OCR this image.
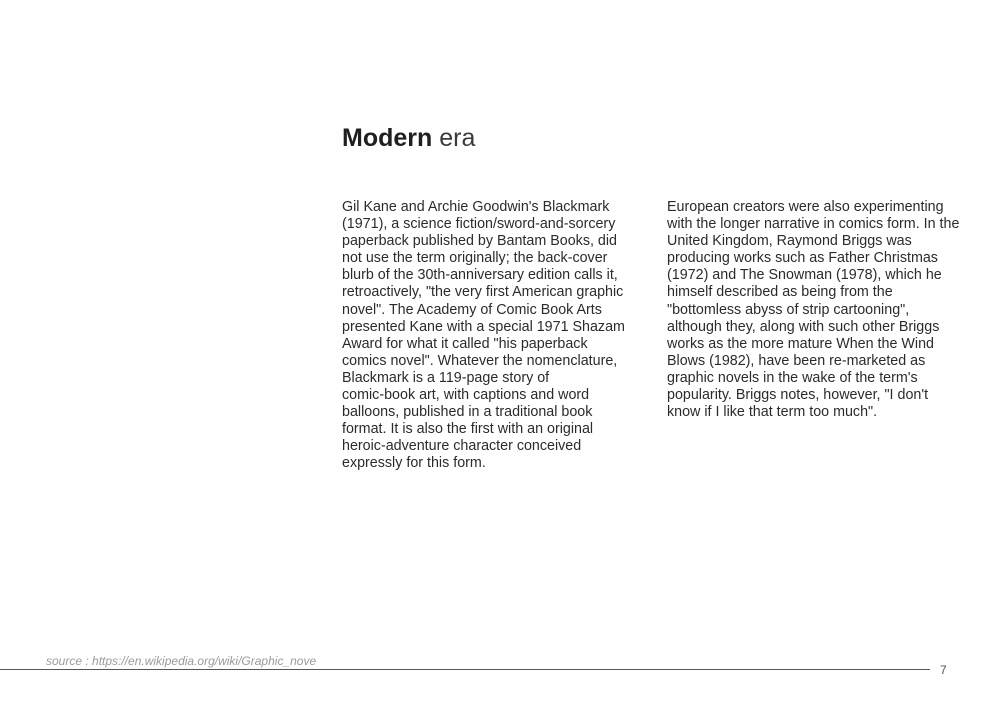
Modern era
Gil Kane and Archie Goodwin's Blackmark
(1971), a science fiction/sword-and-sorcery
paperback published by Bantam Books, did
not use the term originally; the back-cover
blurb of the 30th-anniversary edition calls it,
retroactively, "the very first American graphic
novel". The Academy of Comic Book Arts
presented Kane with a special 1971 Shazam
Award for what it called "his paperback
comics novel". Whatever the nomenclature,
Blackmark is a 119-page story of
comic-book art, with captions and word
balloons, published in a traditional book
format. It is also the first with an original
heroic-adventure character conceived
expressly for this form.
European creators were also experimenting
with the longer narrative in comics form. In the
United Kingdom, Raymond Briggs was
producing works such as Father Christmas
(1972) and The Snowman (1978), which he
himself described as being from the
"bottomless abyss of strip cartooning",
although they, along with such other Briggs
works as the more mature When the Wind
Blows (1982), have been re-marketed as
graphic novels in the wake of the term's
popularity. Briggs notes, however, "I don't
know if I like that term too much".
source : https://en.wikipedia.org/wiki/Graphic_nove
7
